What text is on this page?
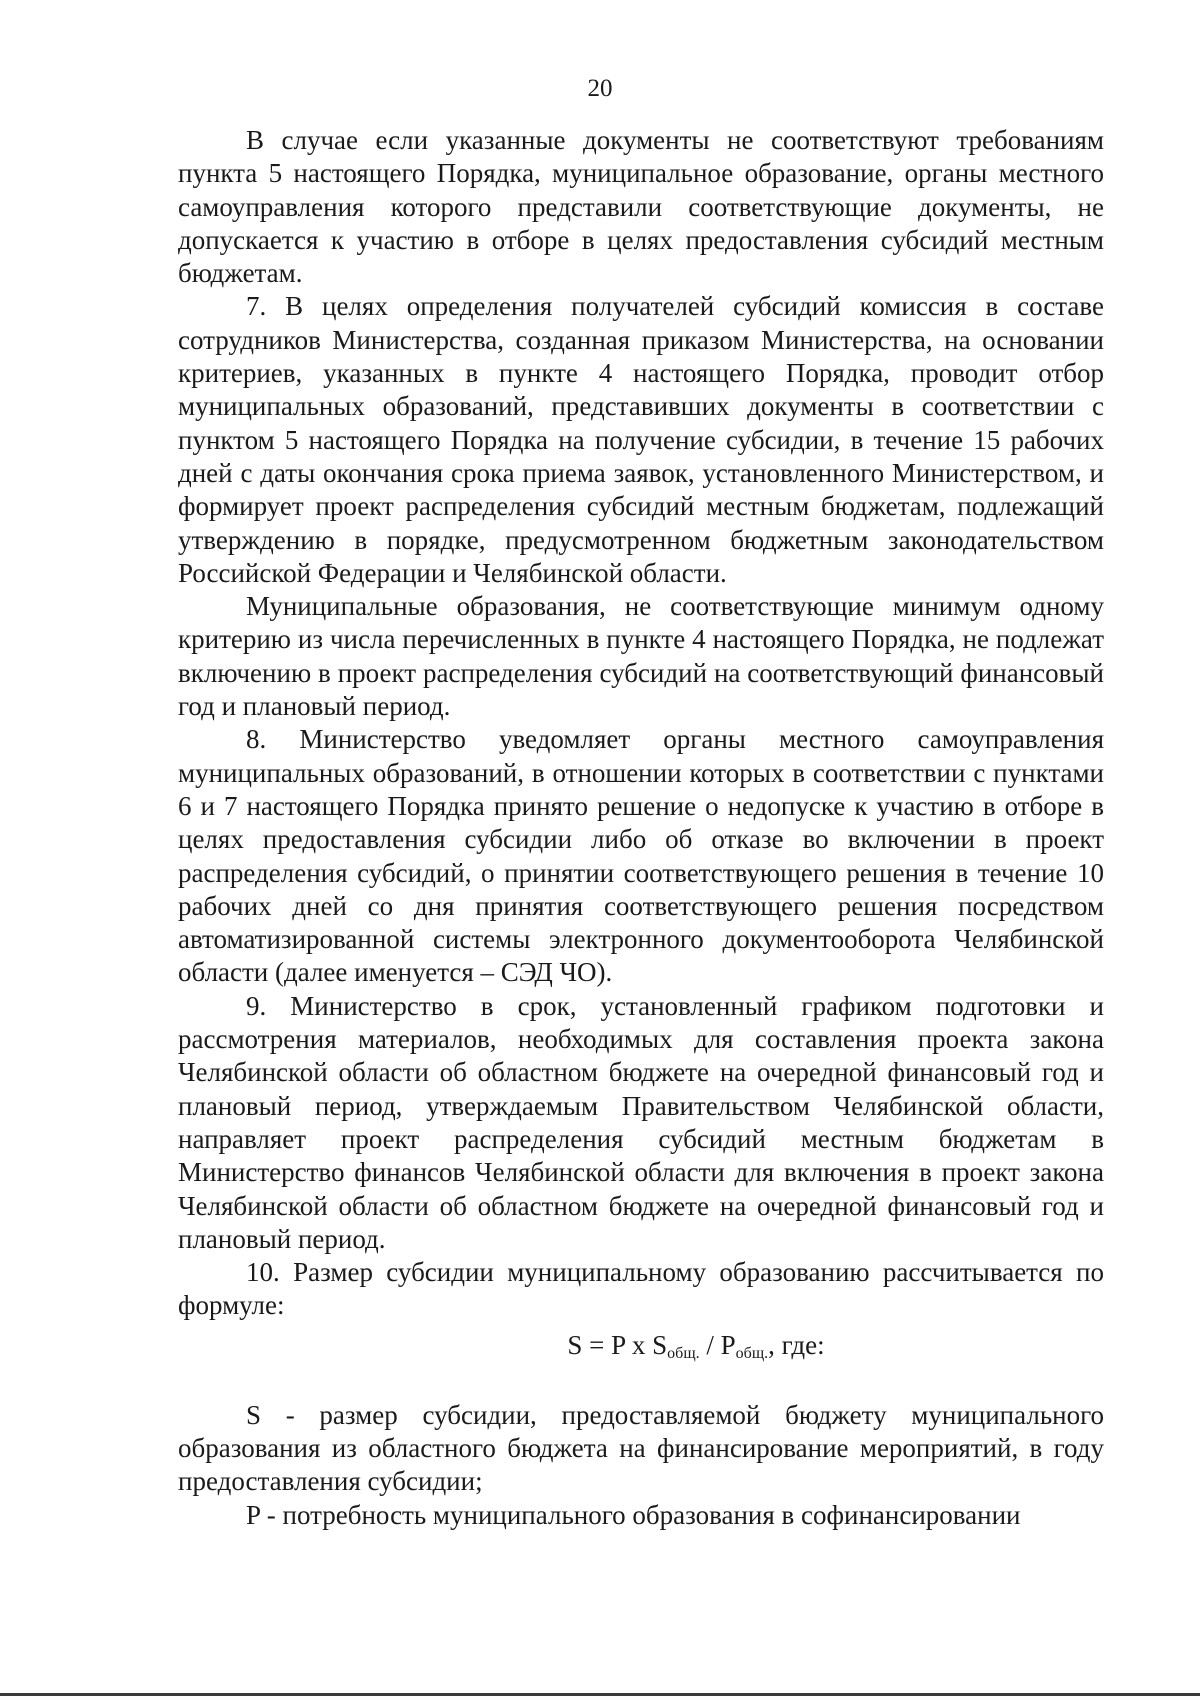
20

В случае если указанные документы не соответствуют требованиям пункта 5 настоящего Порядка, муниципальное образование, органы местного самоуправления которого представили соответствующие документы, не допускается к участию в отборе в целях предоставления субсидий местным бюджетам.

7. В целях определения получателей субсидий комиссия в составе сотрудников Министерства, созданная приказом Министерства, на основании критериев, указанных в пункте 4 настоящего Порядка, проводит отбор муниципальных образований, представивших документы в соответствии с пунктом 5 настоящего Порядка на получение субсидии, в течение 15 рабочих дней с даты окончания срока приема заявок, установленного Министерством, и формирует проект распределения субсидий местным бюджетам, подлежащий утверждению в порядке, предусмотренном бюджетным законодательством Российской Федерации и Челябинской области.

Муниципальные образования, не соответствующие минимум одному критерию из числа перечисленных в пункте 4 настоящего Порядка, не подлежат включению в проект распределения субсидий на соответствующий финансовый год и плановый период.

8. Министерство уведомляет органы местного самоуправления муниципальных образований, в отношении которых в соответствии с пунктами 6 и 7 настоящего Порядка принято решение о недопуске к участию в отборе в целях предоставления субсидии либо об отказе во включении в проект распределения субсидий, о принятии соответствующего решения в течение 10 рабочих дней со дня принятия соответствующего решения посредством автоматизированной системы электронного документооборота Челябинской области (далее именуется – СЭД ЧО).

9. Министерство в срок, установленный графиком подготовки и рассмотрения материалов, необходимых для составления проекта закона Челябинской области об областном бюджете на очередной финансовый год и плановый период, утверждаемым Правительством Челябинской области, направляет проект распределения субсидий местным бюджетам в Министерство финансов Челябинской области для включения в проект закона Челябинской области об областном бюджете на очередной финансовый год и плановый период.

10. Размер субсидии муниципальному образованию рассчитывается по формуле:

S = P x $S_{общ.} / P_{общ.}$, где:

S - размер субсидии, предоставляемой бюджету муниципального образования из областного бюджета на финансирование мероприятий, в году предоставления субсидии;

P - потребность муниципального образования в софинансировании
